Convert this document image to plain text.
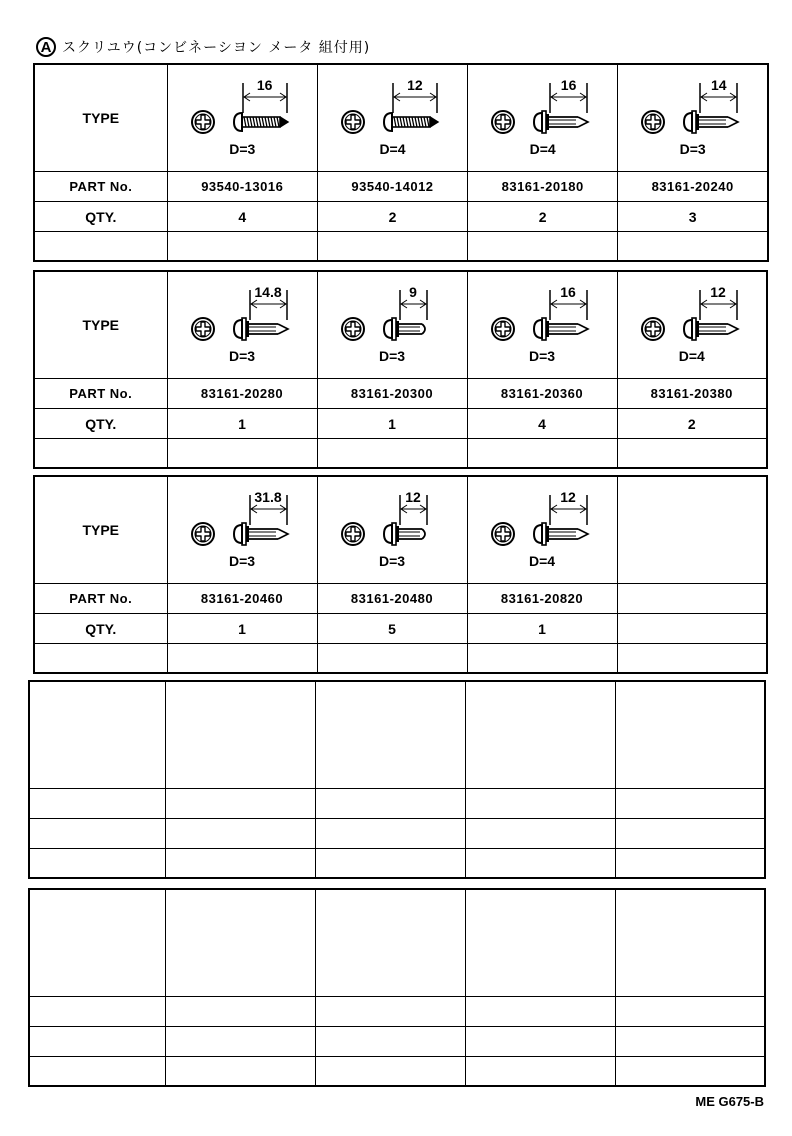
A スクリユウ(コンビネーシヨン メータ 組付用)
TYPE	
16
D=3

12
D=4

16
D=4

14
D=3

PART No.	93540-13016	93540-14012	83161-20180	83161-20240
QTY.	4	2	2	3

TYPE	
14.8
D=3

9
D=3

16
D=3

12
D=4

PART No.	83161-20280	83161-20300	83161-20360	83161-20380
QTY.	1	1	4	2

TYPE	
31.8
D=3

12
D=3

12
D=4

PART No.	83161-20460	83161-20480	83161-20820	
QTY.	1	5	1	

ME G675-B
